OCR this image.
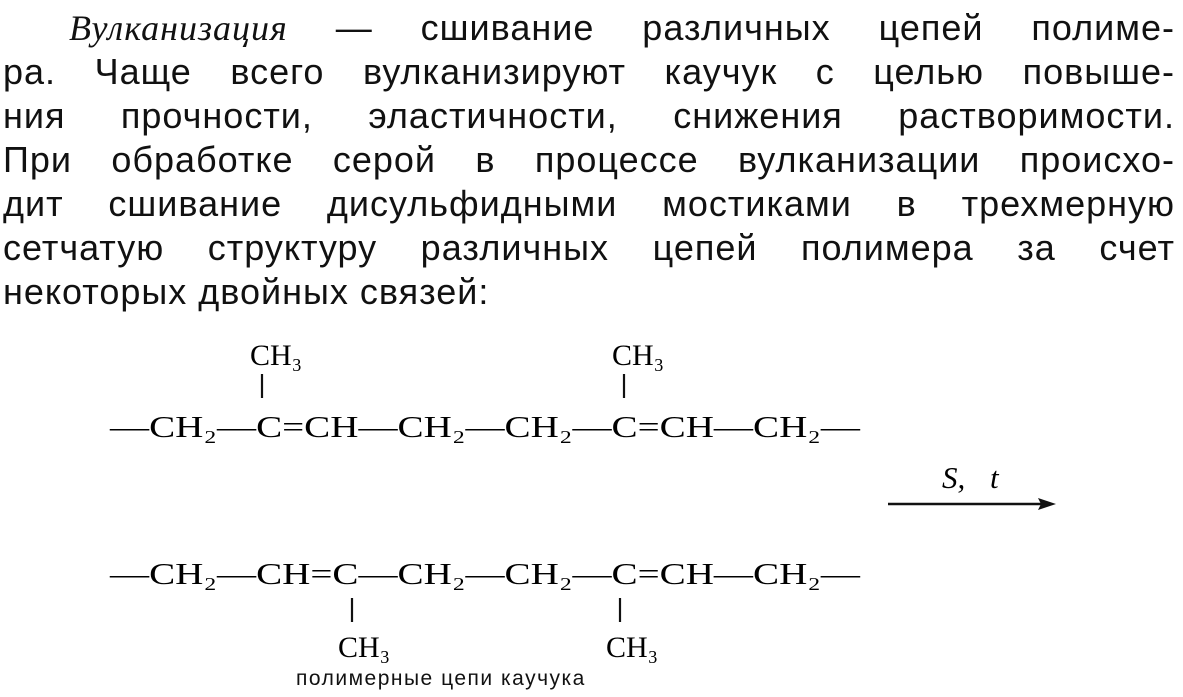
Вулканизация — сшивание различных цепей полиме-
ра. Чаще всего вулканизируют каучук с целью повыше-
ния прочности, эластичности, снижения растворимости.
При обработке серой в процессе вулканизации происхо-
дит сшивание дисульфидными мостиками в трехмерную
сетчатую структуру различных цепей полимера за счет
некоторых двойных связей:
CH₃	CH₃
—CH₂—C=CH—CH₂—CH₂—C=CH—CH₂—
S, t
—CH₂—CH=C—CH₂—CH₂—C=CH—CH₂—
CH₃	CH₃
полимерные цепи каучука
